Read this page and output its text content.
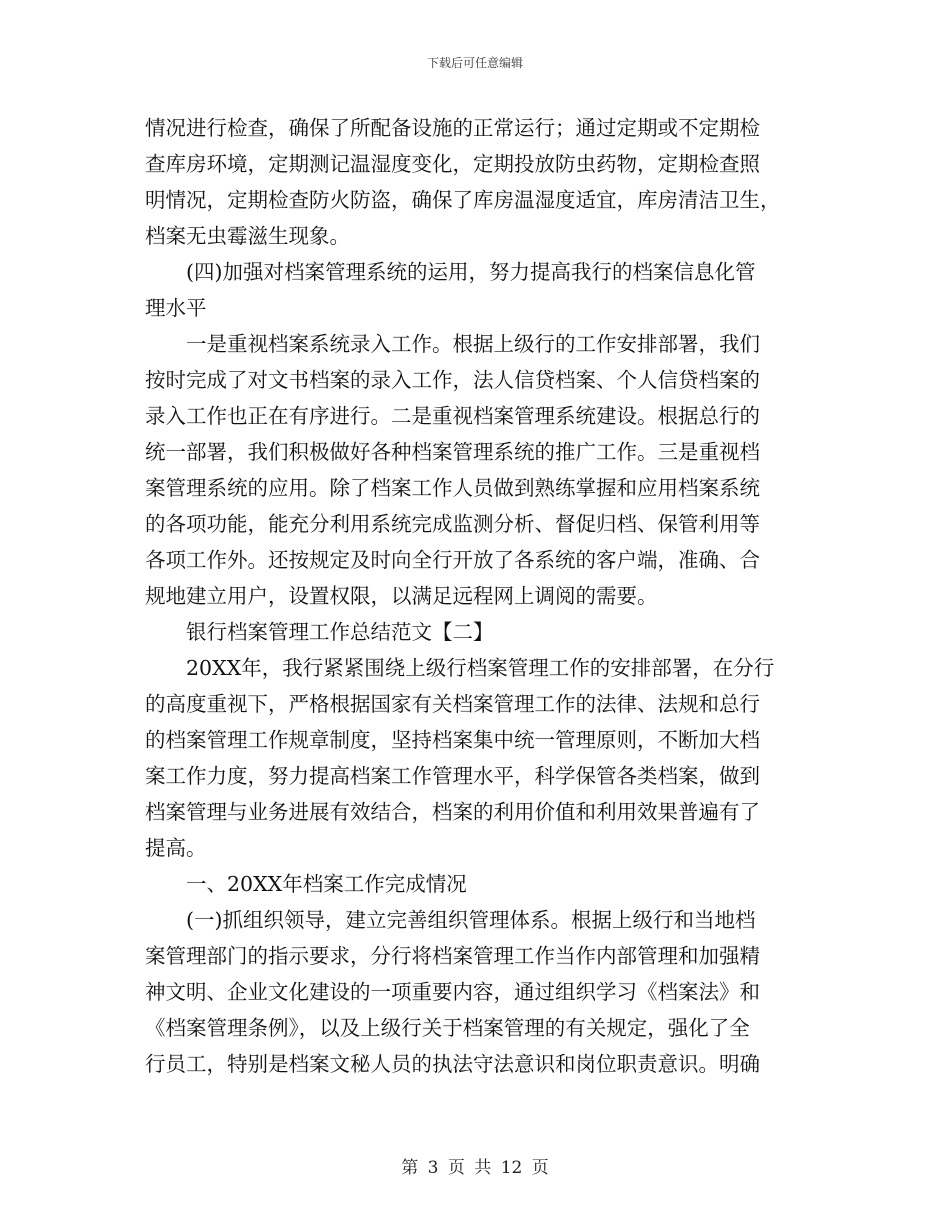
下载后可任意编辑
情况进行检查，确保了所配备设施的正常运行；通过定期或不定期检
查库房环境，定期测记温湿度变化，定期投放防虫药物，定期检查照
明情况，定期检查防火防盗，确保了库房温湿度适宜，库房清洁卫生，
档案无虫霉滋生现象。
　　(四)加强对档案管理系统的运用，努力提高我行的档案信息化管
理水平
　　一是重视档案系统录入工作。根据上级行的工作安排部署，我们
按时完成了对文书档案的录入工作，法人信贷档案、个人信贷档案的
录入工作也正在有序进行。二是重视档案管理系统建设。根据总行的
统一部署，我们积极做好各种档案管理系统的推广工作。三是重视档
案管理系统的应用。除了档案工作人员做到熟练掌握和应用档案系统
的各项功能，能充分利用系统完成监测分析、督促归档、保管利用等
各项工作外。还按规定及时向全行开放了各系统的客户端，准确、合
规地建立用户，设置权限，以满足远程网上调阅的需要。
　　银行档案管理工作总结范文【二】
　　20XX年，我行紧紧围绕上级行档案管理工作的安排部署，在分行
的高度重视下，严格根据国家有关档案管理工作的法律、法规和总行
的档案管理工作规章制度，坚持档案集中统一管理原则，不断加大档
案工作力度，努力提高档案工作管理水平，科学保管各类档案，做到
档案管理与业务进展有效结合，档案的利用价值和利用效果普遍有了
提高。
　　一、20XX年档案工作完成情况
　　(一)抓组织领导，建立完善组织管理体系。根据上级行和当地档
案管理部门的指示要求，分行将档案管理工作当作内部管理和加强精
神文明、企业文化建设的一项重要内容，通过组织学习《档案法》和
《档案管理条例》，以及上级行关于档案管理的有关规定，强化了全
行员工，特别是档案文秘人员的执法守法意识和岗位职责意识。明确
第 3 页 共 12 页
